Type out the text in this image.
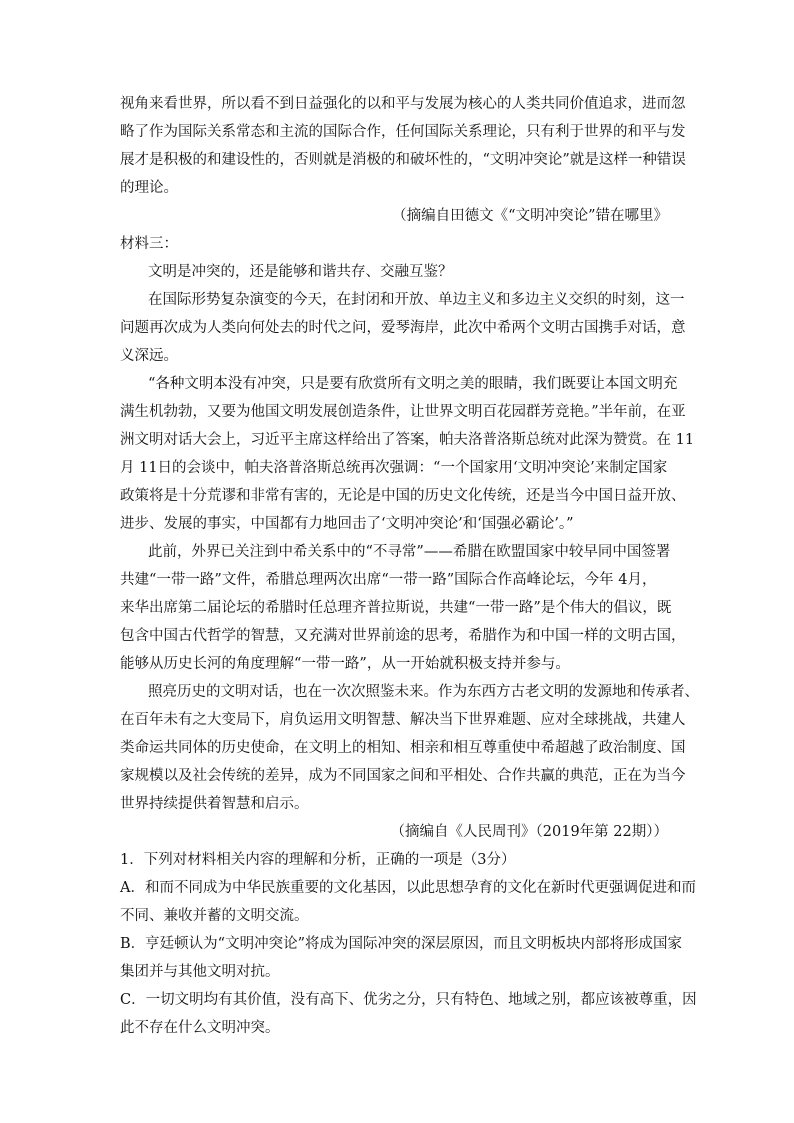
视角来看世界，所以看不到日益强化的以和平与发展为核心的人类共同价值追求，进而忽
略了作为国际关系常态和主流的国际合作，任何国际关系理论，只有利于世界的和平与发
展才是积极的和建设性的，否则就是消极的和破坏性的，“文明冲突论”就是这样一种错误
的理论。
（摘编自田德文《“文明冲突论”错在哪里》
材料三：
文明是冲突的，还是能够和谐共存、交融互鉴？
在国际形势复杂演变的今天，在封闭和开放、单边主义和多边主义交织的时刻，这一
问题再次成为人类向何处去的时代之问，爱琴海岸，此次中希两个文明古国携手对话，意
义深远。
“各种文明本没有冲突，只是要有欣赏所有文明之美的眼睛，我们既要让本国文明充
满生机勃勃，又要为他国文明发展创造条件，让世界文明百花园群芳竞艳。”半年前，在亚
洲文明对话大会上，习近平主席这样给出了答案，帕夫洛普洛斯总统对此深为赞赏。在 11
月 11日的会谈中，帕夫洛普洛斯总统再次强调：“一个国家用‘文明冲突论’来制定国家
政策将是十分荒谬和非常有害的，无论是中国的历史文化传统，还是当今中国日益开放、
进步、发展的事实，中国都有力地回击了‘文明冲突论’和‘国强必霸论’。”
此前，外界已关注到中希关系中的“不寻常”——希腊在欧盟国家中较早同中国签署
共建“一带一路”文件，希腊总理两次出席“一带一路”国际合作高峰论坛，今年 4月，
来华出席第二届论坛的希腊时任总理齐普拉斯说，共建“一带一路”是个伟大的倡议，既
包含中国古代哲学的智慧，又充满对世界前途的思考，希腊作为和中国一样的文明古国，
能够从历史长河的角度理解“一带一路”，从一开始就积极支持并参与。
照亮历史的文明对话，也在一次次照鉴未来。作为东西方古老文明的发源地和传承者、
在百年未有之大变局下，肩负运用文明智慧、解决当下世界难题、应对全球挑战，共建人
类命运共同体的历史使命，在文明上的相知、相亲和相互尊重使中希超越了政治制度、国
家规模以及社会传统的差异，成为不同国家之间和平相处、合作共赢的典范，正在为当今
世界持续提供着智慧和启示。
（摘编自《人民周刊》（2019年第 22期））
1．下列对材料相关内容的理解和分析，正确的一项是（3分）
A．和而不同成为中华民族重要的文化基因，以此思想孕育的文化在新时代更强调促进和而
不同、兼收并蓄的文明交流。
B．亨廷顿认为“文明冲突论”将成为国际冲突的深层原因，而且文明板块内部将形成国家
集团并与其他文明对抗。
C．一切文明均有其价值，没有高下、优劣之分，只有特色、地域之别，都应该被尊重，因
此不存在什么文明冲突。
